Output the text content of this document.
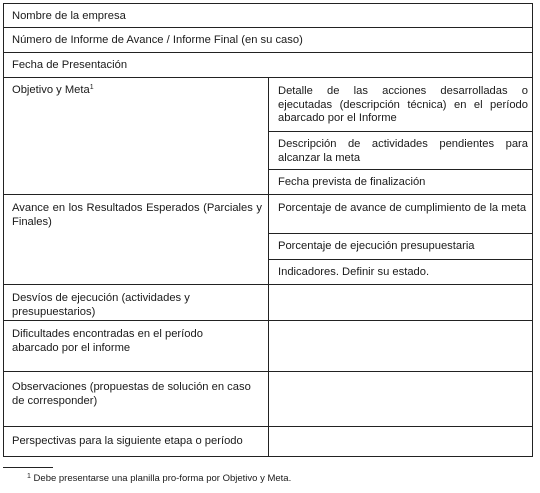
Nombre de la empresa
Número de Informe de Avance / Informe Final (en su caso)
Fecha de Presentación
Objetivo y Meta$^1$	Detalle de las acciones desarrolladas o ejecutadas (descripción técnica) en el período abarcado por el Informe
Descripción de actividades pendientes para alcanzar la meta
Fecha prevista de finalización
Avance en los Resultados Esperados (Parciales y Finales)
Porcentaje de avance de cumplimiento de la meta
Porcentaje de ejecución presupuestaria
Indicadores. Definir su estado.
Desvíos de ejecución (actividades y presupuestarios)
Dificultades encontradas en el período abarcado por el informe
Observaciones (propuestas de solución en caso de corresponder)
Perspectivas para la siguiente etapa o período
$^1$ Debe presentarse una planilla pro-forma por Objetivo y Meta.
